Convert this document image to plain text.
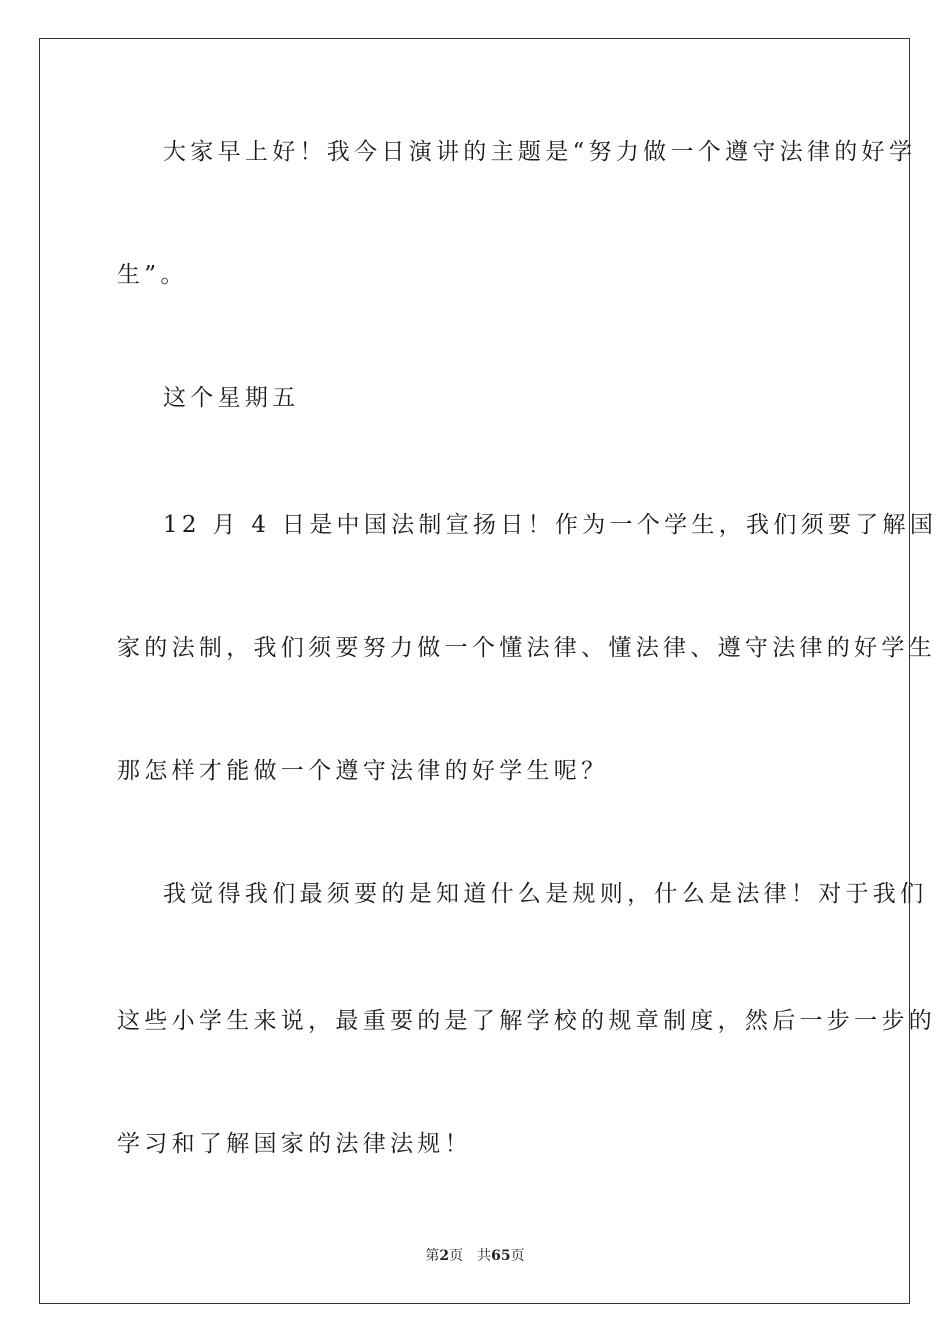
大家早上好！我今日演讲的主题是“努力做一个遵守法律的好学
生”。
这个星期五
12 月 4 日是中国法制宣扬日！作为一个学生，我们须要了解国
家的法制，我们须要努力做一个懂法律、懂法律、遵守法律的好学生
那怎样才能做一个遵守法律的好学生呢？
我觉得我们最须要的是知道什么是规则，什么是法律！对于我们
这些小学生来说，最重要的是了解学校的规章制度，然后一步一步的
学习和了解国家的法律法规！
第2页 共65页
